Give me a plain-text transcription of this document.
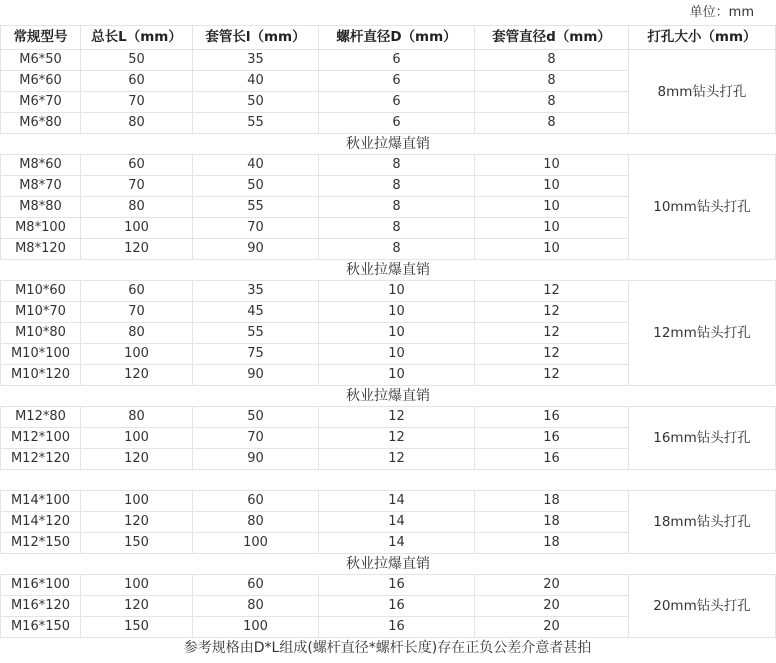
单位：mm
常规型号	总长L（mm）	套管长l（mm）	螺杆直径D（mm）	套管直径d（mm）	打孔大小（mm）
M6*50	50	35	6	8	8mm钻头打孔
M6*60	60	40	6	8	
M6*70	70	50	6	8	
M6*80	80	55	6	8	
秋业拉爆直销					
M8*60	60	40	8	10	10mm钻头打孔
M8*70	70	50	8	10	
M8*80	80	55	8	10	
M8*100	100	70	8	10	
M8*120	120	90	8	10	
秋业拉爆直销					
M10*60	60	35	10	12	12mm钻头打孔
M10*70	70	45	10	12	
M10*80	80	55	10	12	
M10*100	100	75	10	12	
M10*120	120	90	10	12	
秋业拉爆直销					
M12*80	80	50	12	16	16mm钻头打孔
M12*100	100	70	12	16	
M12*120	120	90	12	16	

M14*100	100	60	14	18	18mm钻头打孔
M14*120	120	80	14	18	
M12*150	150	100	14	18	
秋业拉爆直销					
M16*100	100	60	16	20	20mm钻头打孔
M16*120	120	80	16	20	
M16*150	150	100	16	20	
参考规格由D*L组成(螺杆直径*螺杆长度)存在正负公差介意者甚拍
